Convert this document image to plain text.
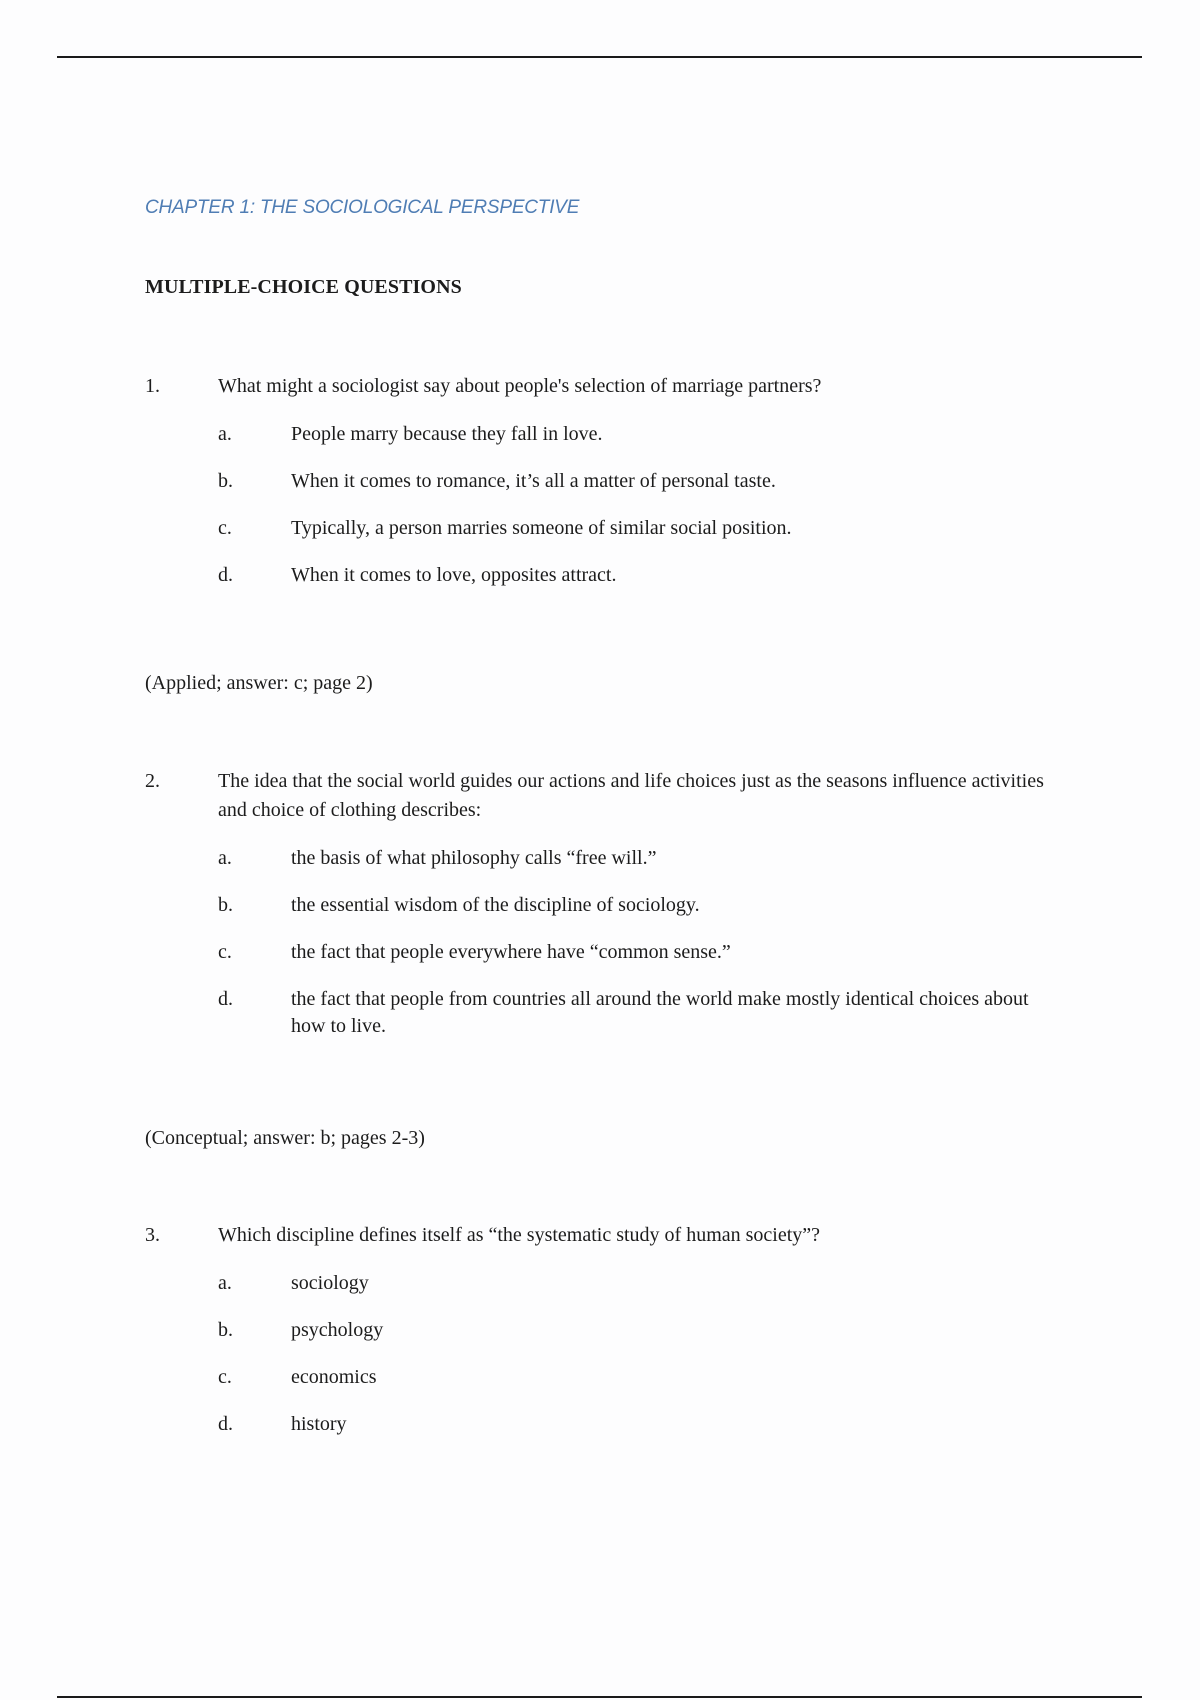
CHAPTER 1: THE SOCIOLOGICAL PERSPECTIVE
MULTIPLE-CHOICE QUESTIONS
1.	What might a sociologist say about people's selection of marriage partners?
a.	People marry because they fall in love.
b.	When it comes to romance, it’s all a matter of personal taste.
c.	Typically, a person marries someone of similar social position.
d.	When it comes to love, opposites attract.

(Applied; answer: c; page 2)

2.	The idea that the social world guides our actions and life choices just as the seasons influence activities and choice of clothing describes:
a.	the basis of what philosophy calls “free will.”
b.	the essential wisdom of the discipline of sociology.
c.	the fact that people everywhere have “common sense.”
d.	the fact that people from countries all around the world make mostly identical choices about how to live.

(Conceptual; answer: b; pages 2-3)

3.	Which discipline defines itself as “the systematic study of human society”?
a.	sociology
b.	psychology
c.	economics
d.	history
